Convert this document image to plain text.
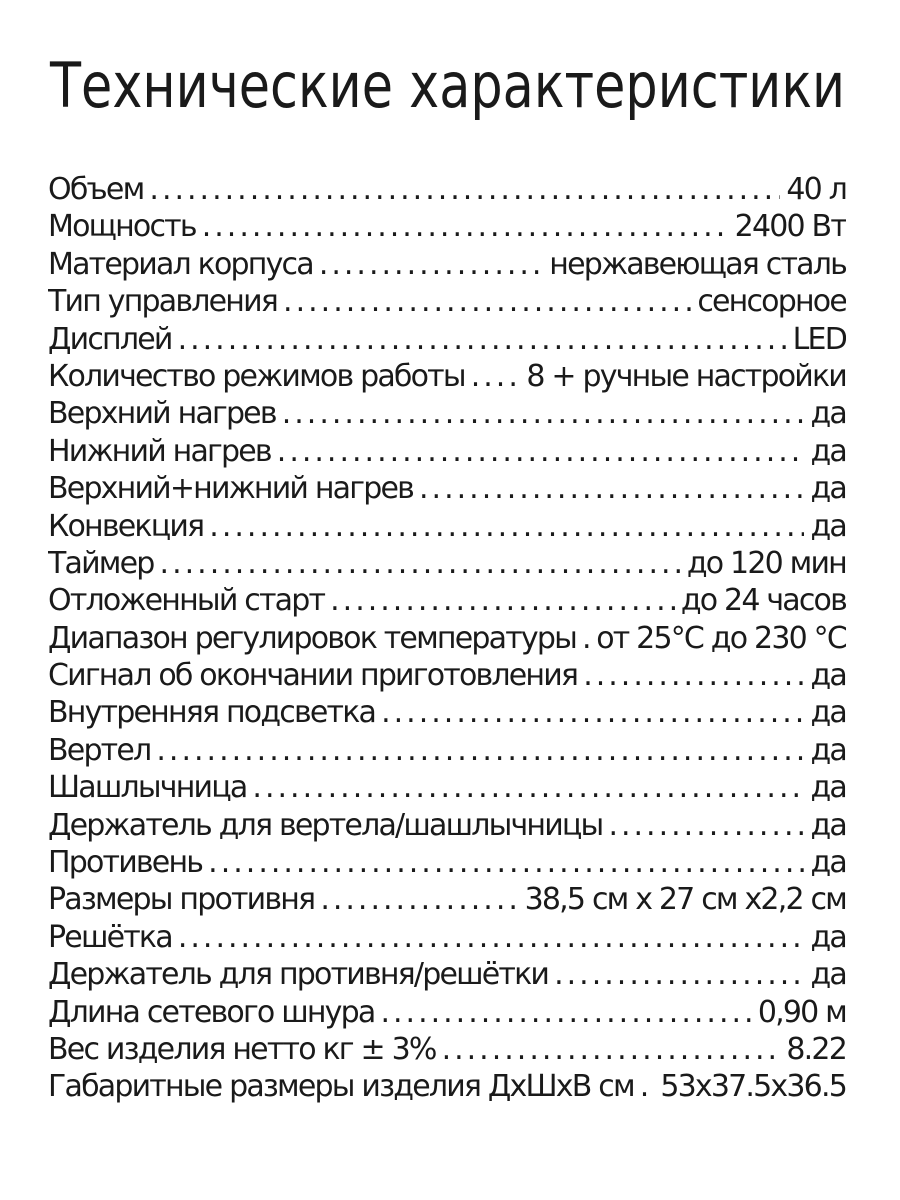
Технические характеристики
Объем .....	40 л
Мощность .....	2400 Вт
Материал корпуса .....	нержавеющая сталь
Тип управления .....	сенсорное
Дисплей .....	LED
Количество режимов работы ..... 8 + ручные настройки
Верхний нагрев .....	да
Нижний нагрев .....	да
Верхний+нижний нагрев .....	да
Конвекция .....	да
Таймер .....	до 120 мин
Отложенный старт .....	до 24 часов
Диапазон регулировок температуры ..... от 25°С до 230 °С
Сигнал об окончании приготовления .....	да
Внутренняя подсветка .....	да
Вертел .....	да
Шашлычница .....	да
Держатель для вертела/шашлычницы .....	да
Противень .....	да
Размеры противня .....	38,5 см х 27 см х2,2 см
Решётка .....	да
Держатель для противня/решётки .....	да
Длина сетевого шнура .....	0,90 м
Вес изделия нетто кг ± 3% .....	8.22
Габаритные размеры изделия ДхШхВ см ..... 53x37.5x36.5
